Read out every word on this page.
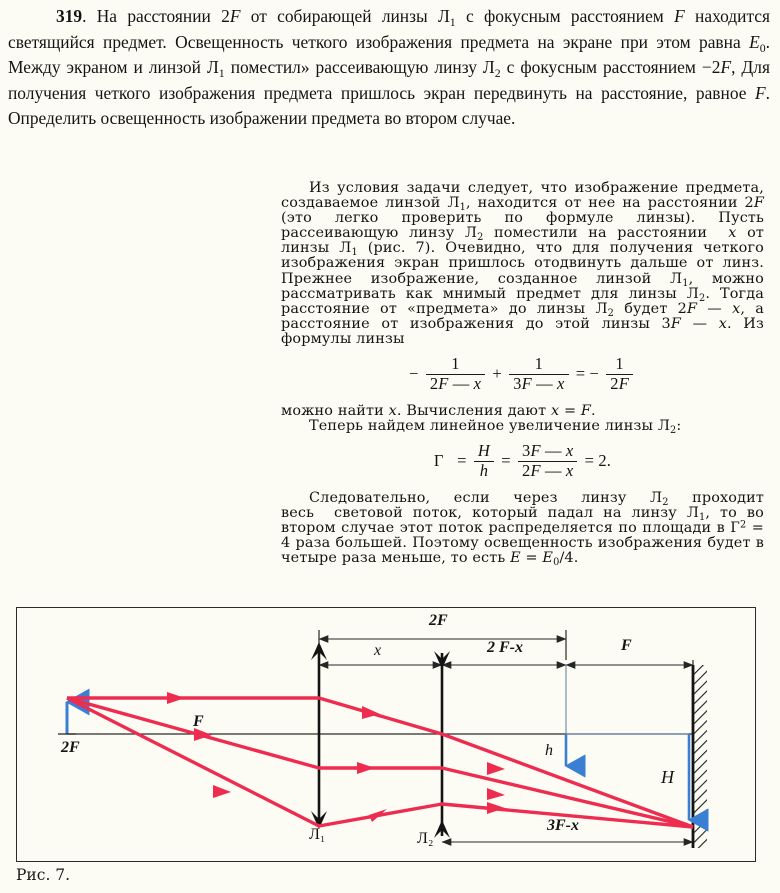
319. На расстоянии 2F от собирающей линзы $Л_1$ с фокусным расстоянием F находится светящийся предмет. Освещенность четкого изображения предмета на экране при этом равна $E_0$. Между экраном и линзой $Л_1$ поместил» рассеивающую линзу $Л_2$ с фокусным расстоянием −2F, Для получения четкого изображения предмета пришлось экран передвинуть на расстояние, равное F. Определить освещенность изображении предмета во втором случае.

Из условия задачи следует, что изображение предмета, создаваемое линзой $Л_1$, находится от нее на расстоянии 2F (это легко проверить по формуле линзы). Пусть рассеивающую линзу $Л_2$ поместили на расстоянии  x от линзы $Л_1$ (рис. 7). Очевидно, что для получения четкого изображения экран пришлось отодвинуть дальше от линз. Прежнее изображение, созданное линзой $Л_1$, можно рассматривать как мнимый предмет для линзы $Л_2$. Тогда расстояние от «предмета» до линзы $Л_2$ будет 2F — x, а расстояние от изображения до этой линзы 3F — x. Из формулы линзы

− $\frac{1}{2F — x} + \frac{1}{3F — x}$ = − $\frac{1}{2F}$

можно найти x. Вычисления дают x = F.

Теперь найдем линейное увеличение линзы $Л_2$:

$Г = \frac{H}{h} = \frac{3F — x}{2F — x} = 2$.

Следовательно, если через линзу $Л_2$ проходит весь  световой поток, который падал на линзу $Л_1$, то во втором случае этот поток распределяется по площади в $Г^2 = 4$ раза большей. Поэтому освещенность изображения будет в четыре раза меньше, то есть $E = E_0/4$.

2F
x	2 F-x	F
F
2F	h
H
3F-x
Л₁	Л₂
Рис. 7.
